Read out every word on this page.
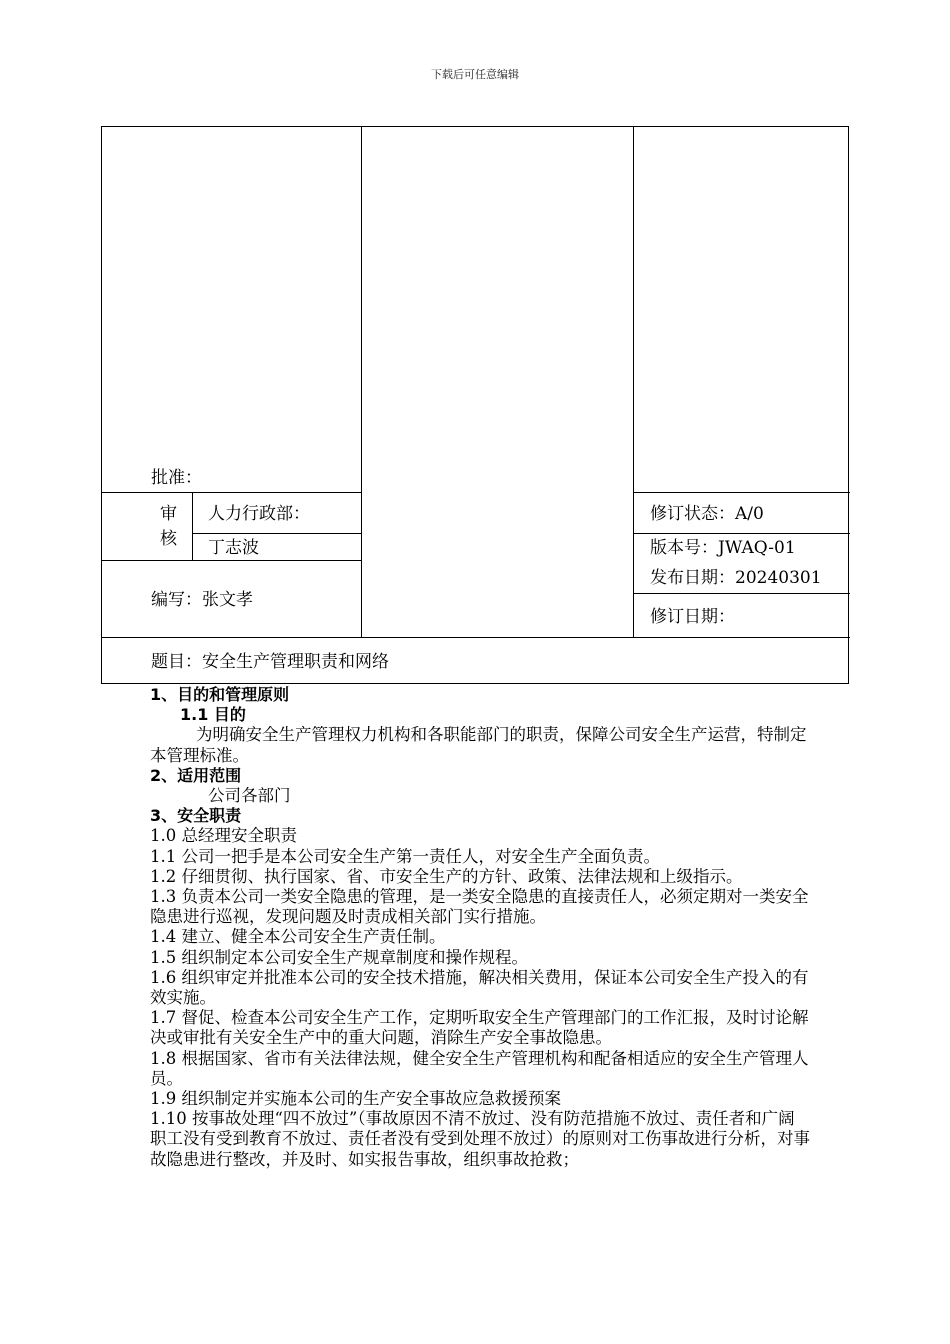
下载后可任意编辑
批准：
审
核
人力行政部：
丁志波
编写：张文孝
修订状态：A/0
版本号：JWAQ-01
发布日期：20240301
修订日期：
题目：安全生产管理职责和网络

1、目的和管理原则

1.1 目的

为明确安全生产管理权力机构和各职能部门的职责，保障公司安全生产运营，特制定本管理标准。

2、适用范围

公司各部门

3、安全职责

1.0 总经理安全职责

1.1 公司一把手是本公司安全生产第一责任人，对安全生产全面负责。

1.2 仔细贯彻、执行国家、省、市安全生产的方针、政策、法律法规和上级指示。

1.3 负责本公司一类安全隐患的管理，是一类安全隐患的直接责任人，必须定期对一类安全隐患进行巡视，发现问题及时责成相关部门实行措施。

1.4 建立、健全本公司安全生产责任制。

1.5 组织制定本公司安全生产规章制度和操作规程。

1.6 组织审定并批准本公司的安全技术措施，解决相关费用，保证本公司安全生产投入的有效实施。

1.7 督促、检查本公司安全生产工作，定期听取安全生产管理部门的工作汇报，及时讨论解决或审批有关安全生产中的重大问题，消除生产安全事故隐患。

1.8 根据国家、省市有关法律法规，健全安全生产管理机构和配备相适应的安全生产管理人员。

1.9 组织制定并实施本公司的生产安全事故应急救援预案

1.10 按事故处理“四不放过”（事故原因不清不放过、没有防范措施不放过、责任者和广阔职工没有受到教育不放过、责任者没有受到处理不放过）的原则对工伤事故进行分析，对事故隐患进行整改，并及时、如实报告事故，组织事故抢救；
